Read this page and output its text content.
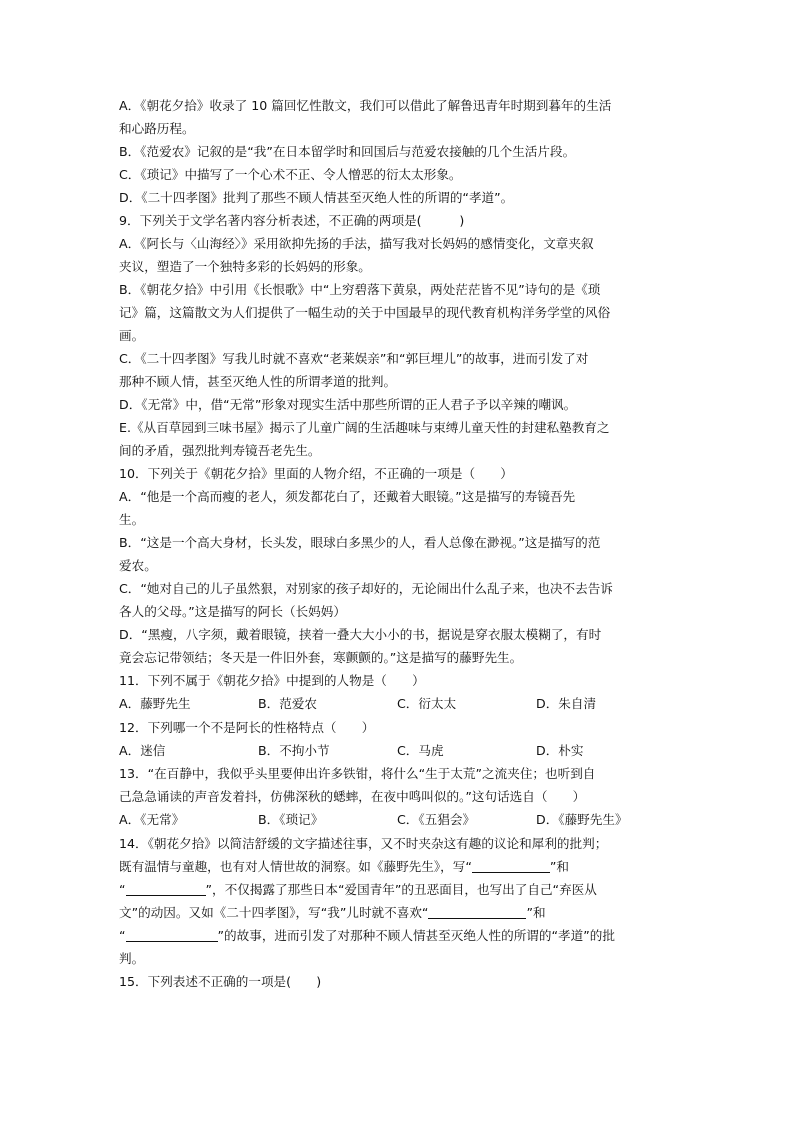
A．《朝花夕拾》收录了 10 篇回忆性散文，我们可以借此了解鲁迅青年时期到暮年的生活
和心路历程。
B．《范爱农》记叙的是“我”在日本留学时和回国后与范爱农接触的几个生活片段。
C．《琐记》中描写了一个心术不正、令人憎恶的衍太太形象。
D．《二十四孝图》批判了那些不顾人情甚至灭绝人性的所谓的“孝道”。
9．下列关于文学名著内容分析表述，不正确的两项是(　　　)
A．《阿长与〈山海经〉》采用欲抑先扬的手法，描写我对长妈妈的感情变化，文章夹叙
夹议，塑造了一个独特多彩的长妈妈的形象。
B．《朝花夕拾》中引用《长恨歌》中“上穷碧落下黄泉，两处茫茫皆不见”诗句的是《琐
记》篇，这篇散文为人们提供了一幅生动的关于中国最早的现代教育机构洋务学堂的风俗
画。
C．《二十四孝图》写我儿时就不喜欢“老莱娱亲”和“郭巨埋儿”的故事，进而引发了对
那种不顾人情，甚至灭绝人性的所谓孝道的批判。
D．《无常》中，借“无常”形象对现实生活中那些所谓的正人君子予以辛辣的嘲讽。
E.《从百草园到三味书屋》揭示了儿童广阔的生活趣味与束缚儿童天性的封建私塾教育之
间的矛盾，强烈批判寿镜吾老先生。
10．下列关于《朝花夕拾》里面的人物介绍，不正确的一项是（　　）
A．“他是一个高而瘦的老人，须发都花白了，还戴着大眼镜。”这是描写的寿镜吾先
生。
B．“这是一个高大身材，长头发，眼球白多黑少的人，看人总像在渺视。”这是描写的范
爱农。
C．“她对自己的儿子虽然狠，对别家的孩子却好的，无论闹出什么乱子来，也决不去告诉
各人的父母。”这是描写的阿长（长妈妈）
D．“黑瘦，八字须，戴着眼镜，挟着一叠大大小小的书，据说是穿衣服太模糊了，有时
竟会忘记带领结；冬天是一件旧外套，寒颤颤的。”这是描写的藤野先生。
11．下列不属于《朝花夕拾》中提到的人物是（　　）
A．藤野先生	B．范爱农	C．衍太太	D．朱自清
12．下列哪一个不是阿长的性格特点（　　）
A．迷信	B．不拘小节	C．马虎	D．朴实
13．“在百静中，我似乎头里要伸出许多铁钳，将什么“生于太荒”之流夹住；也听到自
己急急诵读的声音发着抖，仿佛深秋的蟋蟀，在夜中鸣叫似的。”这句话选自（　　）
A．《无常》	B．《琐记》	C．《五猖会》	D．《藤野先生》
14．《朝花夕拾》以简洁舒缓的文字描述往事，又不时夹杂这有趣的议论和犀利的批判；
既有温情与童趣，也有对人情世故的洞察。如《藤野先生》，写“	”和
“	”，不仅揭露了那些日本“爱国青年”的丑恶面目，也写出了自己“弃医从
文”的动因。又如《二十四孝图》，写“我”儿时就不喜欢“	”和
“	”的故事，进而引发了对那种不顾人情甚至灭绝人性的所谓的“孝道”的批
判。
15．下列表述不正确的一项是(　　)
